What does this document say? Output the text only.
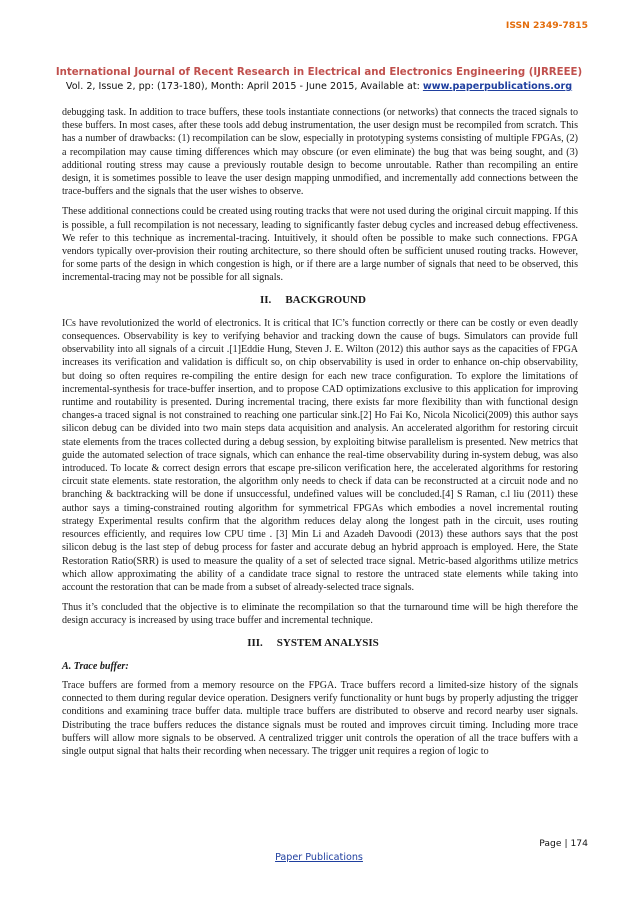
ISSN 2349-7815
International Journal of Recent Research in Electrical and Electronics Engineering (IJRREEE)
Vol. 2, Issue 2, pp: (173-180), Month: April 2015 - June 2015, Available at: www.paperpublications.org

debugging task. In addition to trace buffers, these tools instantiate connections (or networks) that connects the traced signals to these buffers. In most cases, after these tools add debug instrumentation, the user design must be recompiled from scratch. This has a number of drawbacks: (1) recompilation can be slow, especially in prototyping systems consisting of multiple FPGAs, (2) a recompilation may cause timing differences which may obscure (or even eliminate) the bug that was being sought, and (3) additional routing stress may cause a previously routable design to become unroutable. Rather than recompiling an entire design, it is sometimes possible to leave the user design mapping unmodified, and incrementally add connections between the trace-buffers and the signals that the user wishes to observe.

These additional connections could be created using routing tracks that were not used during the original circuit mapping. If this is possible, a full recompilation is not necessary, leading to significantly faster debug cycles and increased debug effectiveness. We refer to this technique as incremental-tracing. Intuitively, it should often be possible to make such connections. FPGA vendors typically over-provision their routing architecture, so there should often be sufficient unused routing tracks. However, for some parts of the design in which congestion is high, or if there are a large number of signals that need to be observed, this incremental-tracing may not be possible for all signals.

II. BACKGROUND

ICs have revolutionized the world of electronics. It is critical that IC’s function correctly or there can be costly or even deadly consequences. Observability is key to verifying behavior and tracking down the cause of bugs. Simulators can provide full observability into all signals of a circuit .[1]Eddie Hung, Steven J. E. Wilton (2012) this author says as the capacities of FPGA increases its verification and validation is difficult so, on chip observability is used in order to enhance on-chip observability, but doing so often requires re-compiling the entire design for each new trace configuration. To explore the limitations of incremental-synthesis for trace-buffer insertion, and to propose CAD optimizations exclusive to this application for improving runtime and routability is presented. During incremental tracing, there exists far more flexibility than with functional design changes-a traced signal is not constrained to reaching one particular sink.[2] Ho Fai Ko, Nicola Nicolici(2009) this author says silicon debug can be divided into two main steps data acquisition and analysis. An accelerated algorithm for restoring circuit state elements from the traces collected during a debug session, by exploiting bitwise parallelism is presented. New metrics that guide the automated selection of trace signals, which can enhance the real-time observability during in-system debug, was also introduced. To locate & correct design errors that escape pre-silicon verification here, the accelerated algorithms for restoring circuit state elements. state restoration, the algorithm only needs to check if data can be reconstructed at a circuit node and no branching & backtracking will be done if unsuccessful, undefined values will be concluded.[4] S Raman, c.l liu (2011) these author says a timing-constrained routing algorithm for symmetrical FPGAs which embodies a novel incremental routing strategy Experimental results confirm that the algorithm reduces delay along the longest path in the circuit, uses routing resources efficiently, and requires low CPU time . [3] Min Li and Azadeh Davoodi (2013) these authors says that the post silicon debug is the last step of debug process for faster and accurate debug an hybrid approach is employed. Here, the State Restoration Ratio(SRR) is used to measure the quality of a set of selected trace signal. Metric-based algorithms utilize metrics which allow approximating the ability of a candidate trace signal to restore the untraced state elements while taking into account the restoration that can be made from a subset of already-selected trace signals.

Thus it’s concluded that the objective is to eliminate the recompilation so that the turnaround time will be high therefore the design accuracy is increased by using trace buffer and incremental technique.

III. SYSTEM ANALYSIS
A. Trace buffer:

Trace buffers are formed from a memory resource on the FPGA. Trace buffers record a limited-size history of the signals connected to them during regular device operation. Designers verify functionality or hunt bugs by properly adjusting the trigger conditions and examining trace buffer data. multiple trace buffers are distributed to observe and record nearby user signals. Distributing the trace buffers reduces the distance signals must be routed and improves circuit timing. Including more trace buffers will allow more signals to be observed. A centralized trigger unit controls the operation of all the trace buffers with a single output signal that halts their recording when necessary. The trigger unit requires a region of logic to

Page | 174
Paper Publications
